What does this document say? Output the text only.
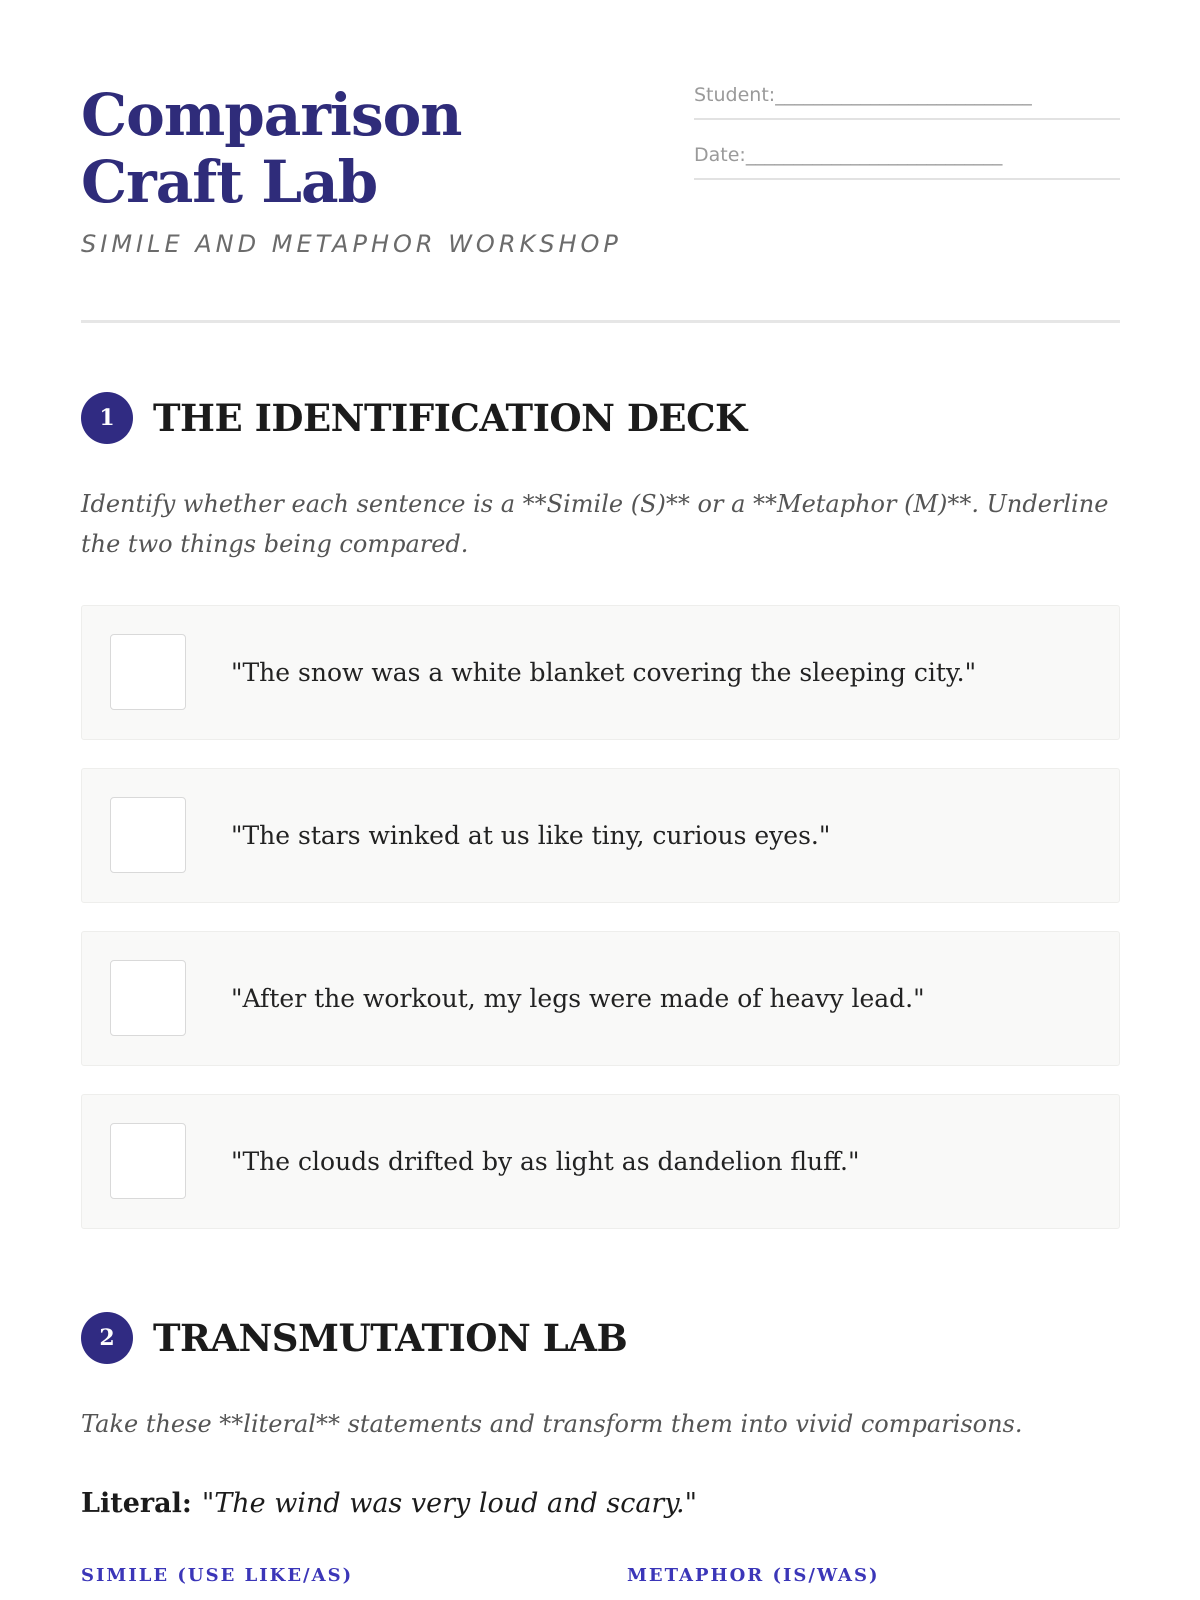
Comparison Craft Lab

SIMILE AND METAPHOR WORKSHOP

Student:___________________________
Date:___________________________
1	THE IDENTIFICATION DECK

Identify whether each sentence is a **Simile (S)** or a **Metaphor (M)**. Underline the two things being compared.

"The snow was a white blanket covering the sleeping city."
"The stars winked at us like tiny, curious eyes."
"After the workout, my legs were made of heavy lead."
"The clouds drifted by as light as dandelion fluff."
2	TRANSMUTATION LAB

Take these **literal** statements and transform them into vivid comparisons.

Literal: "The wind was very loud and scary."

SIMILE (USE LIKE/AS)	METAPHOR (IS/WAS)
